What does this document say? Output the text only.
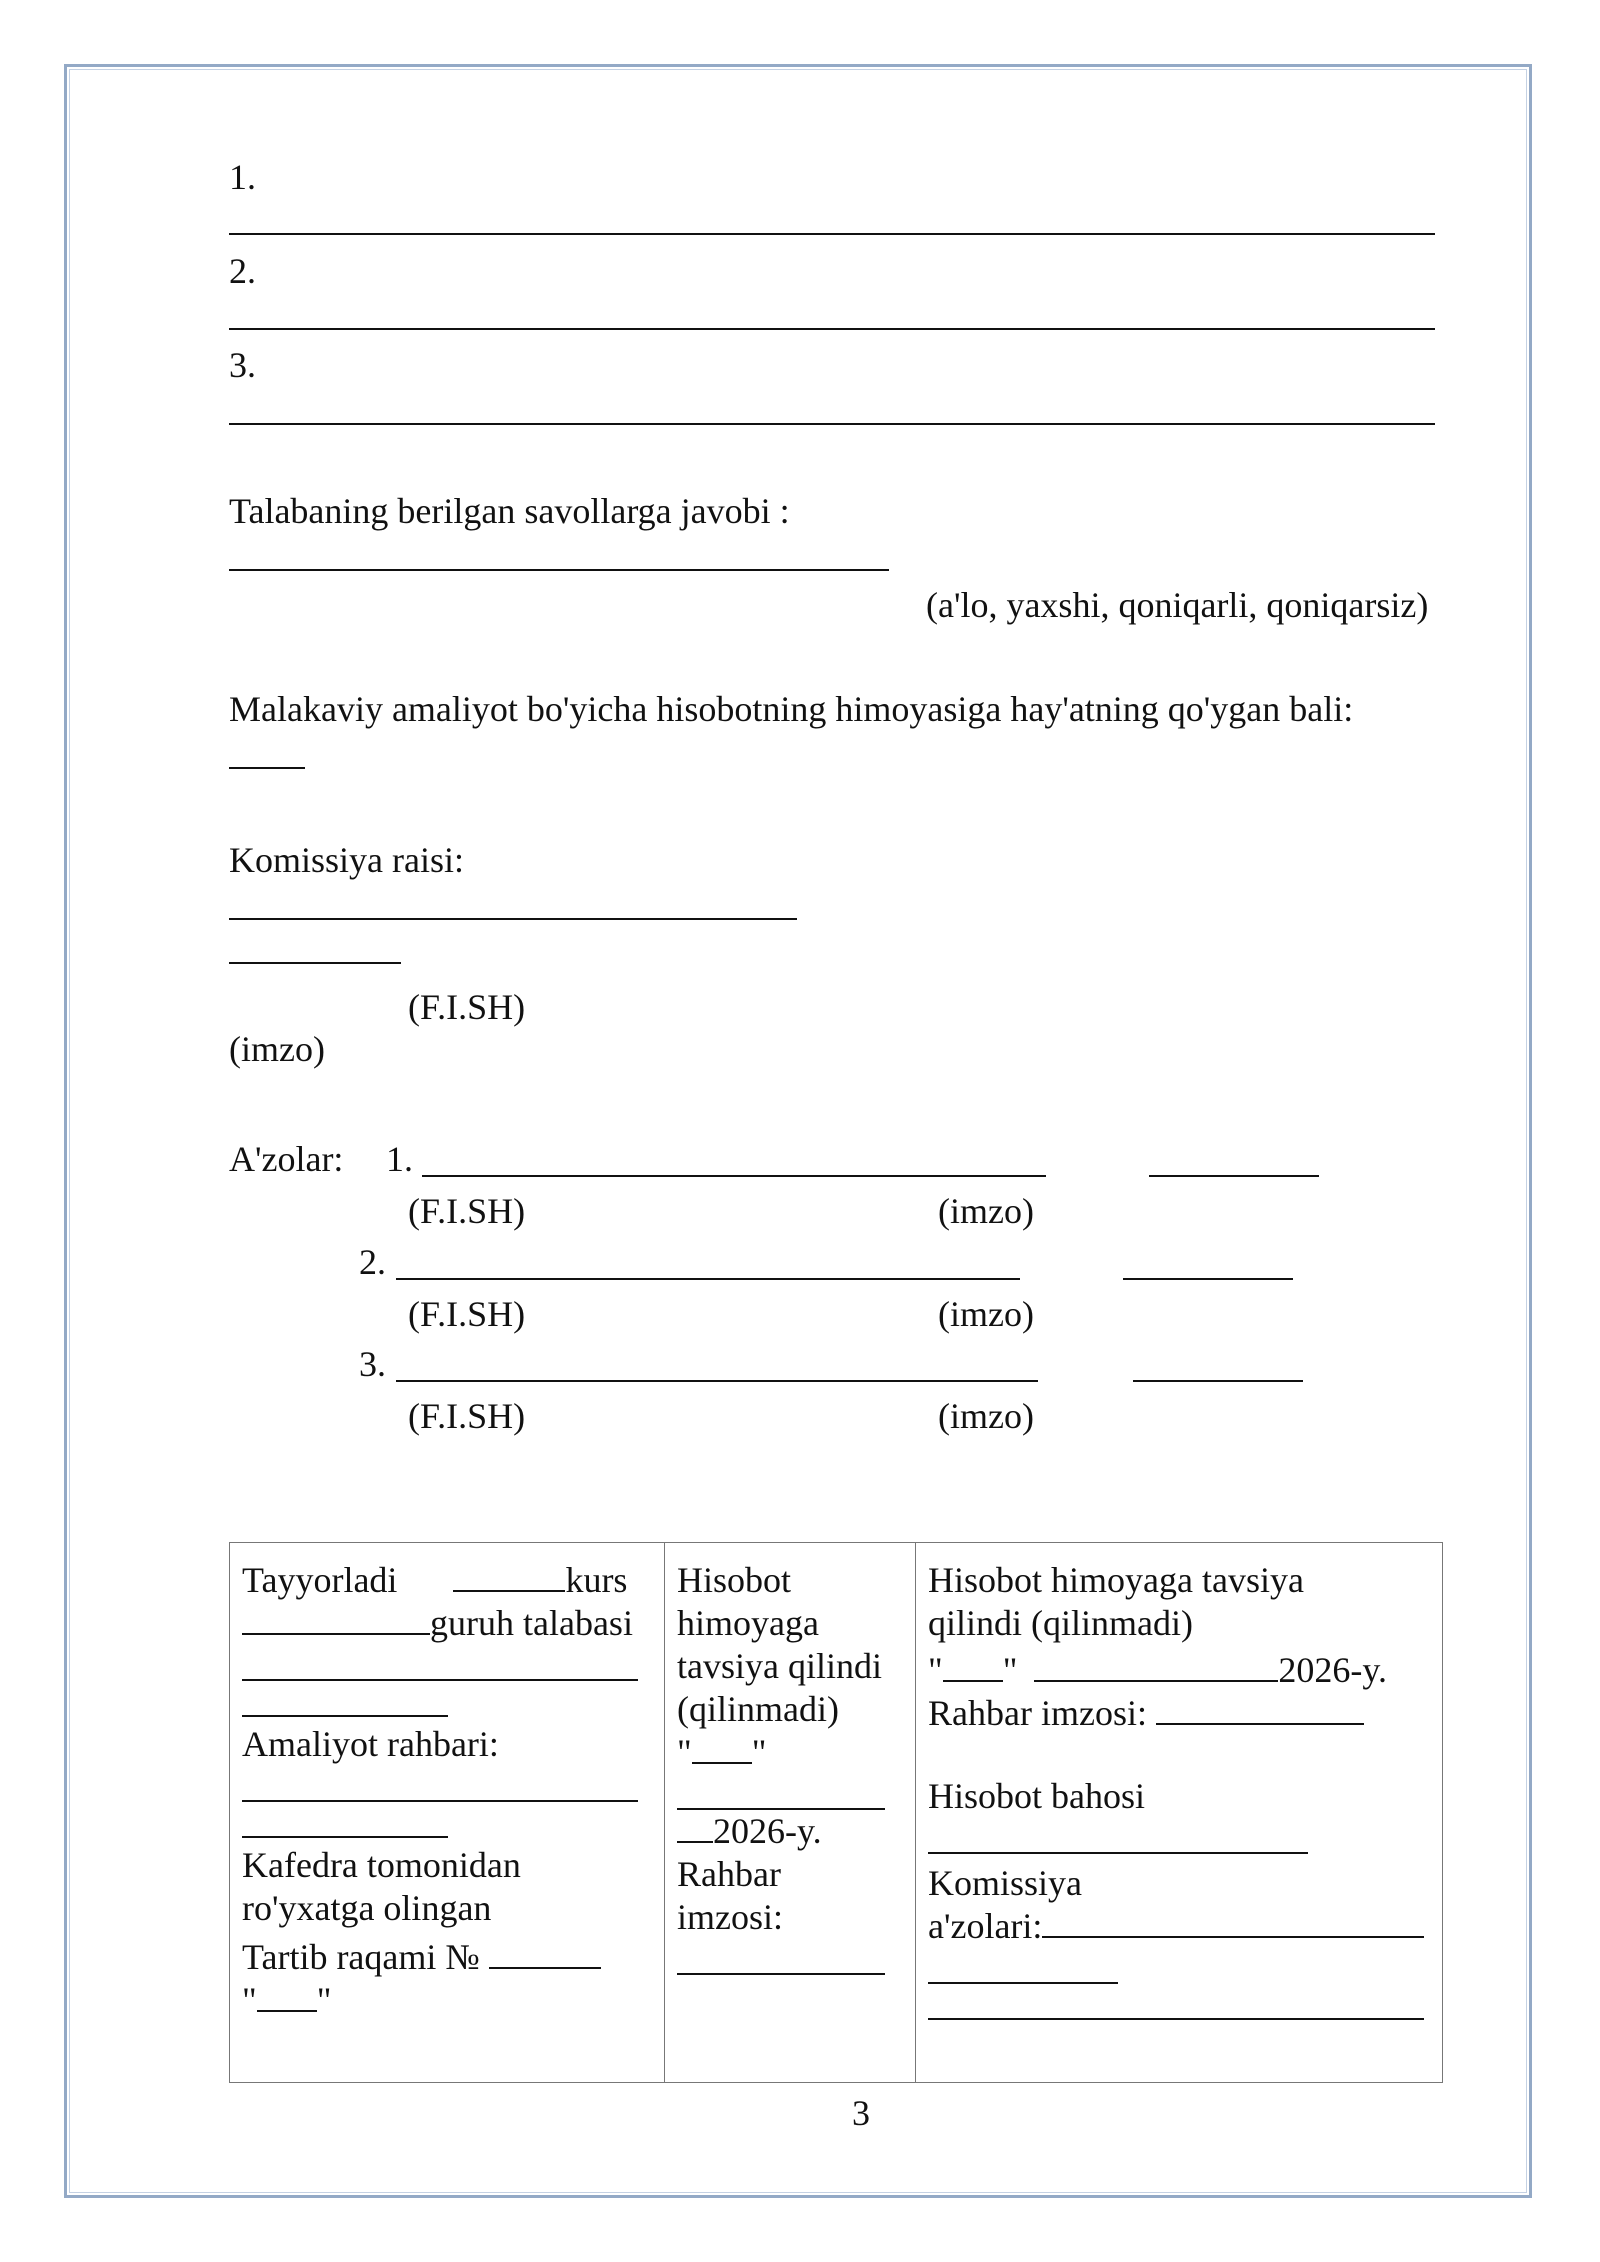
1.
2.
3.
Talabaning berilgan savollarga javobi :
(a'lo, yaxshi, qoniqarli, qoniqarsiz)
Malakaviy amaliyot bo'yicha hisobotning himoyasiga hay'atning qo'ygan bali:
Komissiya raisi:
(F.I.SH)
(imzo)
A'zolar: 1.
(F.I.SH)	(imzo)
2.
(F.I.SH)	(imzo)
3.
(F.I.SH)	(imzo)
Tayyorladi	kurs
guruh talabasi
Amaliyot rahbari:
Kafedra tomonidan
ro'yxatga olingan
Tartib raqami №
" "

Hisobot
himoyaga
tavsiya qilindi
(qilinmadi)
" "
2026-y.
Rahbar
imzosi:

Hisobot himoyaga tavsiya
qilindi (qilinmadi)
" "	2026-y.
Rahbar imzosi:
Hisobot bahosi
Komissiya
a'zolari:
3
